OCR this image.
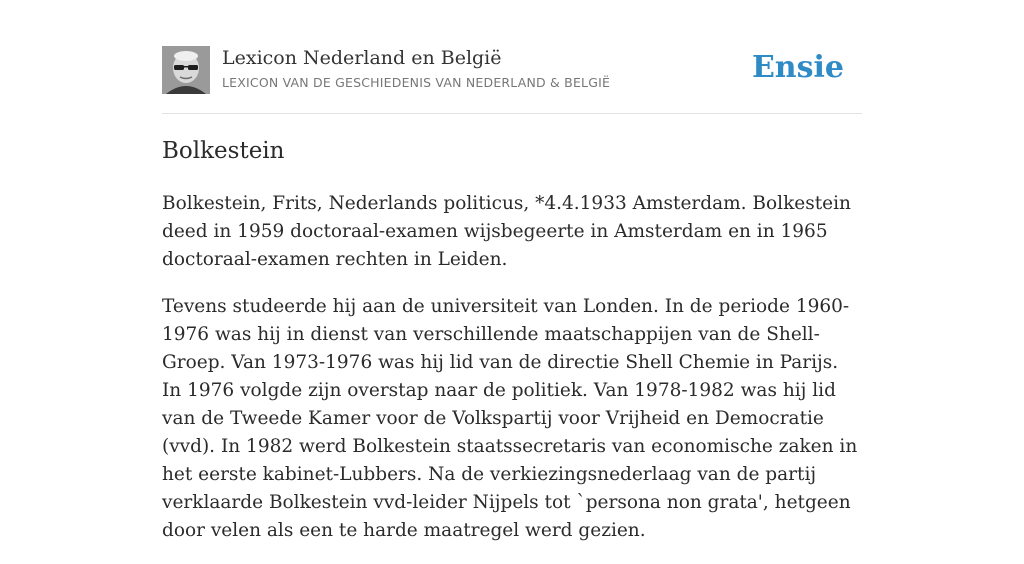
Lexicon Nederland en België
LEXICON VAN DE GESCHIEDENIS VAN NEDERLAND & BELGIË	Ensie
Bolkestein

Bolkestein, Frits, Nederlands politicus, *4.4.1933 Amsterdam. Bolkestein deed in 1959 doctoraal-examen wijsbegeerte in Amsterdam en in 1965 doctoraal-examen rechten in Leiden.

Tevens studeerde hij aan de universiteit van Londen. In de periode 1960-1976 was hij in dienst van verschillende maatschappijen van de Shell-Groep. Van 1973-1976 was hij lid van de directie Shell Chemie in Parijs. In 1976 volgde zijn overstap naar de politiek. Van 1978-1982 was hij lid van de Tweede Kamer voor de Volkspartij voor Vrijheid en Democratie (vvd). In 1982 werd Bolkestein staatssecretaris van economische zaken in het eerste kabinet-Lubbers. Na de verkiezingsnederlaag van de partij verklaarde Bolkestein vvd-leider Nijpels tot `persona non grata', hetgeen door velen als een te harde maatregel werd gezien.
